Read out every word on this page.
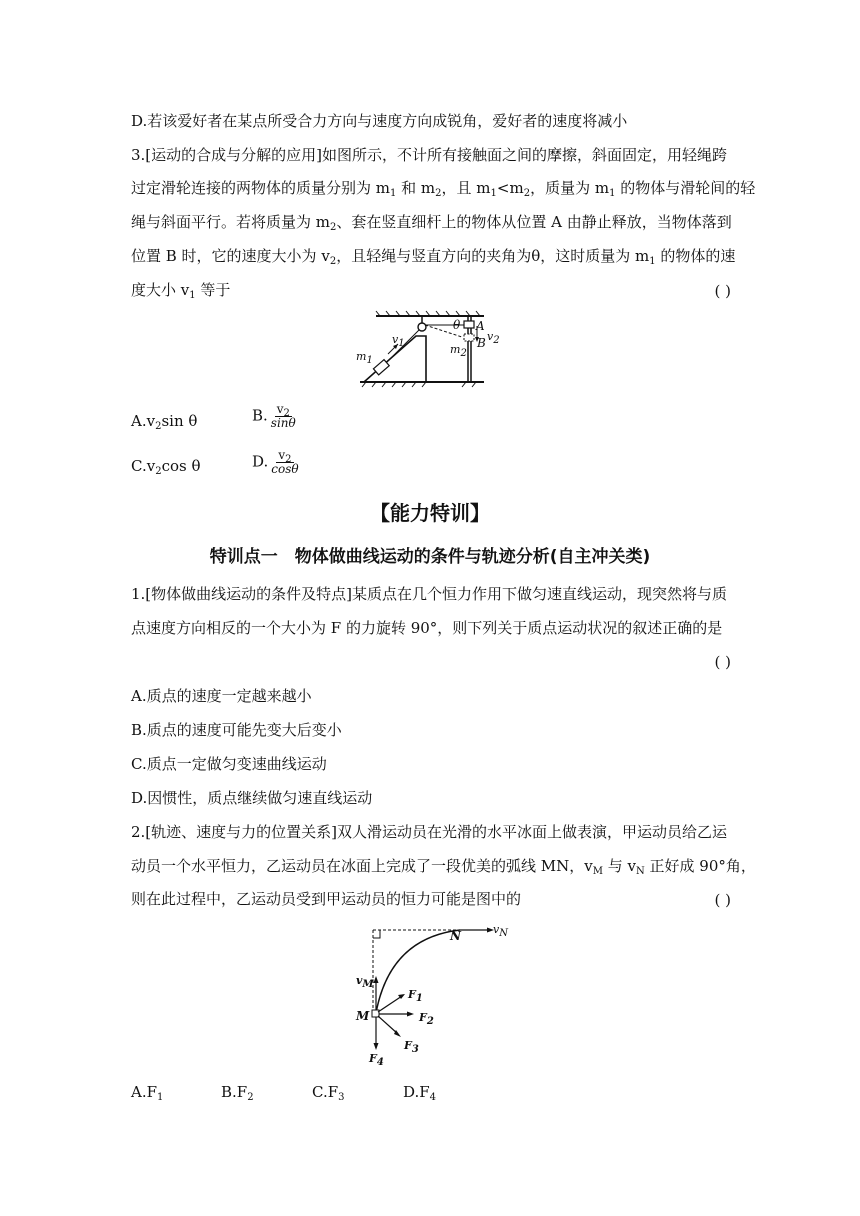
D.若该爱好者在某点所受合力方向与速度方向成锐角，爱好者的速度将减小
3.[运动的合成与分解的应用]如图所示，不计所有接触面之间的摩擦，斜面固定，用轻绳跨
过定滑轮连接的两物体的质量分别为 $m_1$ 和 $m_2$，且 $m_1<m_2$，质量为 $m_1$ 的物体与滑轮间的轻
绳与斜面平行。若将质量为 $m_2$、套在竖直细杆上的物体从位置 A 由静止释放，当物体落到
位置 B 时，它的速度大小为 $v_2$，且轻绳与竖直方向的夹角为θ，这时质量为 $m_1$ 的物体的速
度大小 $v_1$ 等于	( )
$m_1$
$v_1$
θ A
B
$m_2$
$v_2$
$A.v_2\sin$ θ	B. $\frac{v_2}{\sin\theta}$
$C.v_2\cos$ θ	D. $\frac{v_2}{\cos\theta}$
【能力特训】
特训点一　物体做曲线运动的条件与轨迹分析(自主冲关类)
1.[物体做曲线运动的条件及特点]某质点在几个恒力作用下做匀速直线运动，现突然将与质
点速度方向相反的一个大小为 F 的力旋转 90°，则下列关于质点运动状况的叙述正确的是
( )
A.质点的速度一定越来越小
B.质点的速度可能先变大后变小
C.质点一定做匀变速曲线运动
D.因惯性，质点继续做匀速直线运动
2.[轨迹、速度与力的位置关系]双人滑运动员在光滑的水平冰面上做表演，甲运动员给乙运
动员一个水平恒力，乙运动员在冰面上完成了一段优美的弧线 MN，$v_M$ 与 $v_N$ 正好成 90°角，
则在此过程中，乙运动员受到甲运动员的恒力可能是图中的	( )
N	$v_N$
$v_M$
M
$F_1$
$F_2$
$F_3$
$F_4$
$A.F_1$	$B.F_2$	$C.F_3$	$D.F_4$
